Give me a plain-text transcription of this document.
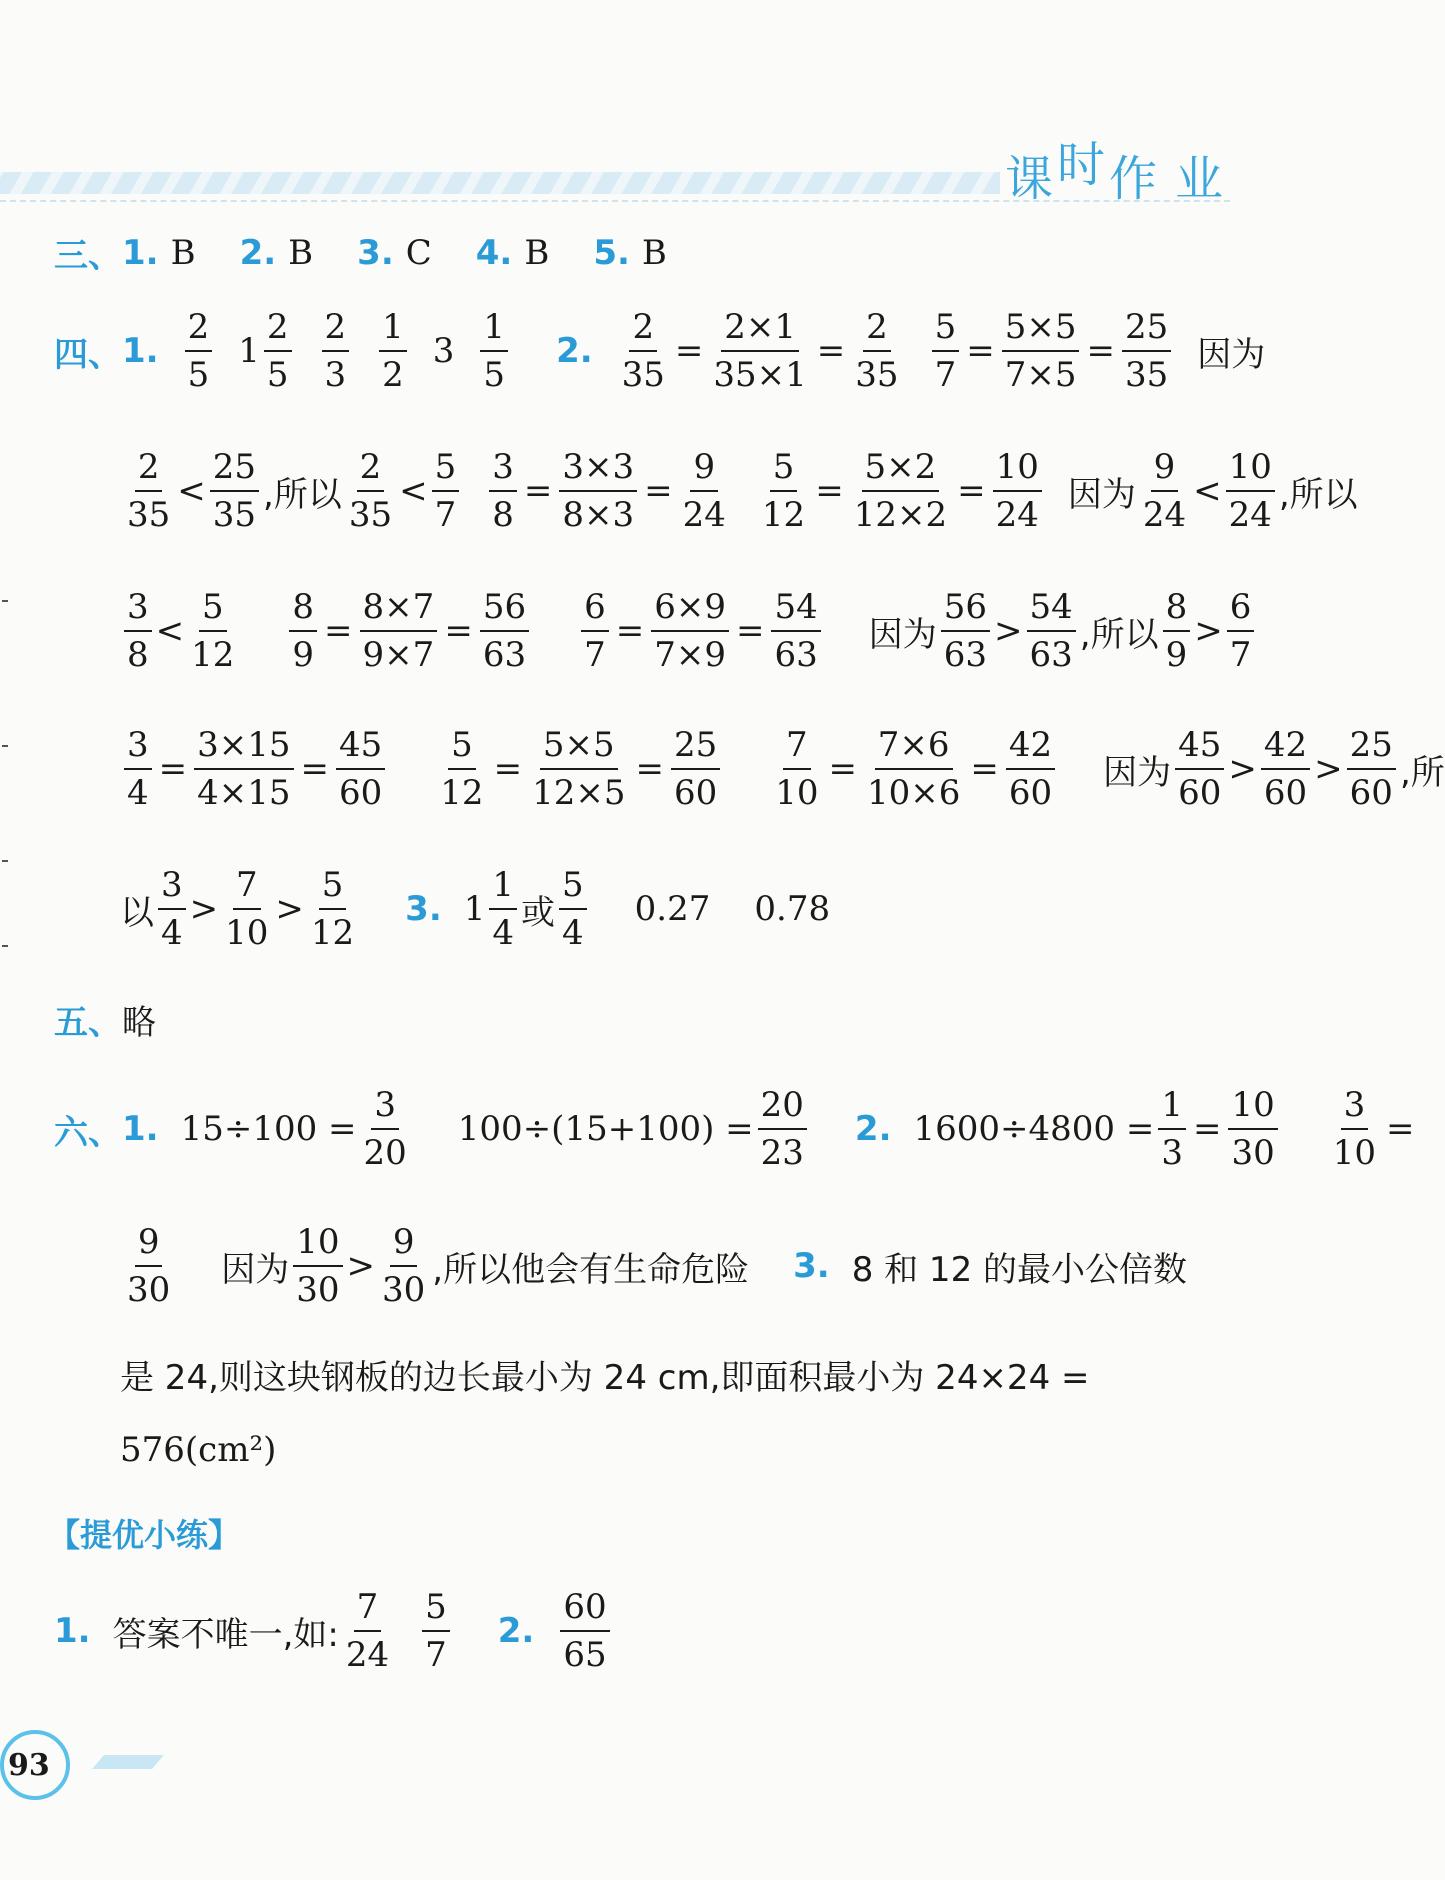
课时作 业
三、 1. B 2. B 3. C 4. B 5. B
四、 1.
2
5
1
2
5
2
3
1
2
3
1
5
2. $\frac{2}{35} = \frac{2\times 1}{35\times 1} = \frac{2}{35} \frac{5}{7} = \frac{5\times 5}{7\times 5} = \frac{25}{35}$ 因为
2
35
<
25
35
,所以
2
35
<
5
$7 \frac{3}{8} = \frac{3\times 3}{8\times 3} = \frac{9}{24} \frac{5}{12} = \frac{5\times 2}{12\times 2} = \frac{10}{24}$ 因为
9
24
<
10
24
,所以
3
8
<
5
$12 \frac{8}{9} = \frac{8\times 7}{9\times 7} = \frac{56}{63} \frac{6}{7} = \frac{6\times 9}{7\times 9} = \frac{54}{63}$ 因为
56
63
>
54
63
,所以
8
9
>
6
7
$\frac{3}{4} = \frac{3\times 15}{4\times 15} = \frac{45}{60} \frac{5}{12} = \frac{5\times 5}{12\times 5} = \frac{25}{60} \frac{7}{10} = \frac{7\times 6}{10\times 6} = \frac{42}{60}$ 因为
45
60
>
42
60
>
25
60
,所
以
3
4
>
7
10
>
5
12
3. 1
1
4
或
5
4
0.27 0.78
五、 略
六、 1. $15\div 100 = \frac{3}{20} 100\div(15+100) = \frac{20}{23} 2$. $1600\div 4800 = \frac{1}{3} = \frac{10}{30} \frac{3}{10}$ =
9
30
因为
10
30
>
9
30
,所以他会有生命危险 3. 8 和 12 的最小公倍数
是 24,则这块钢板的边长最小为 24 cm,即面积最小为 24×24 =
576(cm²)
【提优小练】
1. 答案不唯一,如:
7
24
5
7
2.
60
65
93
